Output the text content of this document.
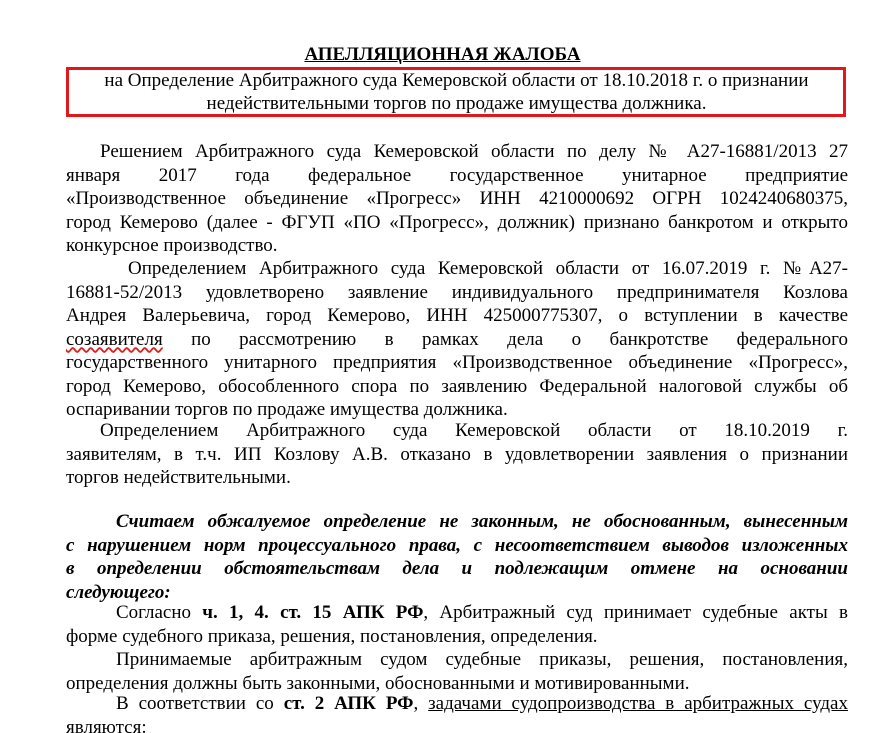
АПЕЛЛЯЦИОННАЯ ЖАЛОБА
на Определение Арбитражного суда Кемеровской области от 18.10.2018 г. о признании
недействительными торгов по продаже имущества должника.
Решением Арбитражного суда Кемеровской области по делу № А27-16881/2013 27
января 2017 года федеральное государственное унитарное предприятие
«Производственное объединение «Прогресс» ИНН 4210000692 ОГРН 1024240680375,
город Кемерово (далее - ФГУП «ПО «Прогресс», должник) признано банкротом и открыто
конкурсное производство.
Определением Арбитражного суда Кемеровской области от 16.07.2019 г. №А27-
16881-52/2013 удовлетворено заявление индивидуального предпринимателя Козлова
Андрея Валерьевича, город Кемерово, ИНН 425000775307, о вступлении в качестве
созаявителя по рассмотрению в рамках дела о банкротстве федерального
государственного унитарного предприятия «Производственное объединение «Прогресс»,
город Кемерово, обособленного спора по заявлению Федеральной налоговой службы об
оспаривании торгов по продаже имущества должника.
Определением Арбитражного суда Кемеровской области от 18.10.2019 г.
заявителям, в т.ч. ИП Козлову А.В. отказано в удовлетворении заявления о признании
торгов недействительными.
Считаем обжалуемое определение не законным, не обоснованным, вынесенным
с нарушением норм процессуального права, с несоответствием выводов изложенных
в определении обстоятельствам дела и подлежащим отмене на основании
следующего:
Согласно ч. 1, 4. ст. 15 АПК РФ, Арбитражный суд принимает судебные акты в
форме судебного приказа, решения, постановления, определения.
Принимаемые арбитражным судом судебные приказы, решения, постановления,
определения должны быть законными, обоснованными и мотивированными.
В соответствии со ст. 2 АПК РФ, задачами судопроизводства в арбитражных судах
являются:
